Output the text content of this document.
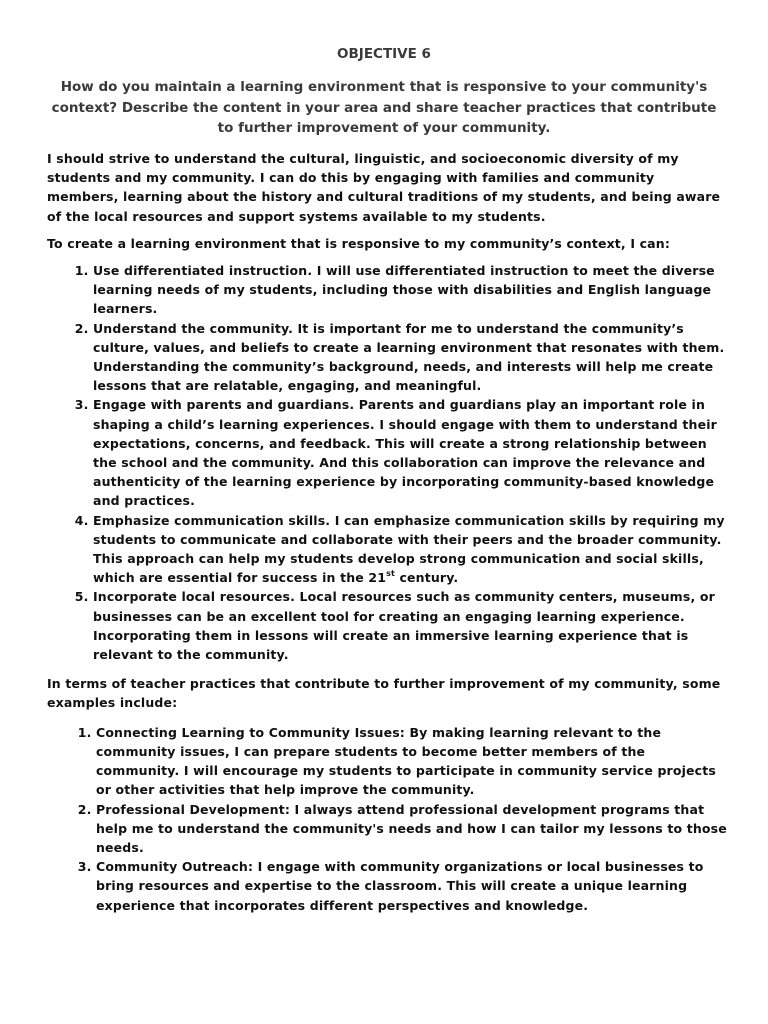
OBJECTIVE 6
How do you maintain a learning environment that is responsive to your community's context? Describe the content in your area and share teacher practices that contribute to further improvement of your community.

I should strive to understand the cultural, linguistic, and socioeconomic diversity of my students and my community. I can do this by engaging with families and community members, learning about the history and cultural traditions of my students, and being aware of the local resources and support systems available to my students.

To create a learning environment that is responsive to my community’s context, I can:

1. Use differentiated instruction. I will use differentiated instruction to meet the diverse learning needs of my students, including those with disabilities and English language learners.
2. Understand the community. It is important for me to understand the community’s culture, values, and beliefs to create a learning environment that resonates with them. Understanding the community’s background, needs, and interests will help me create lessons that are relatable, engaging, and meaningful.
3. Engage with parents and guardians. Parents and guardians play an important role in shaping a child’s learning experiences. I should engage with them to understand their expectations, concerns, and feedback. This will create a strong relationship between the school and the community. And this collaboration can improve the relevance and authenticity of the learning experience by incorporating community-based knowledge and practices.
4. Emphasize communication skills. I can emphasize communication skills by requiring my students to communicate and collaborate with their peers and the broader community. This approach can help my students develop strong communication and social skills, which are essential for success in the 21st century.
5. Incorporate local resources. Local resources such as community centers, museums, or businesses can be an excellent tool for creating an engaging learning experience. Incorporating them in lessons will create an immersive learning experience that is relevant to the community.

In terms of teacher practices that contribute to further improvement of my community, some examples include:

1. Connecting Learning to Community Issues: By making learning relevant to the community issues, I can prepare students to become better members of the community. I will encourage my students to participate in community service projects or other activities that help improve the community.
2. Professional Development: I always attend professional development programs that help me to understand the community's needs and how I can tailor my lessons to those needs.
3. Community Outreach: I engage with community organizations or local businesses to bring resources and expertise to the classroom. This will create a unique learning experience that incorporates different perspectives and knowledge.
